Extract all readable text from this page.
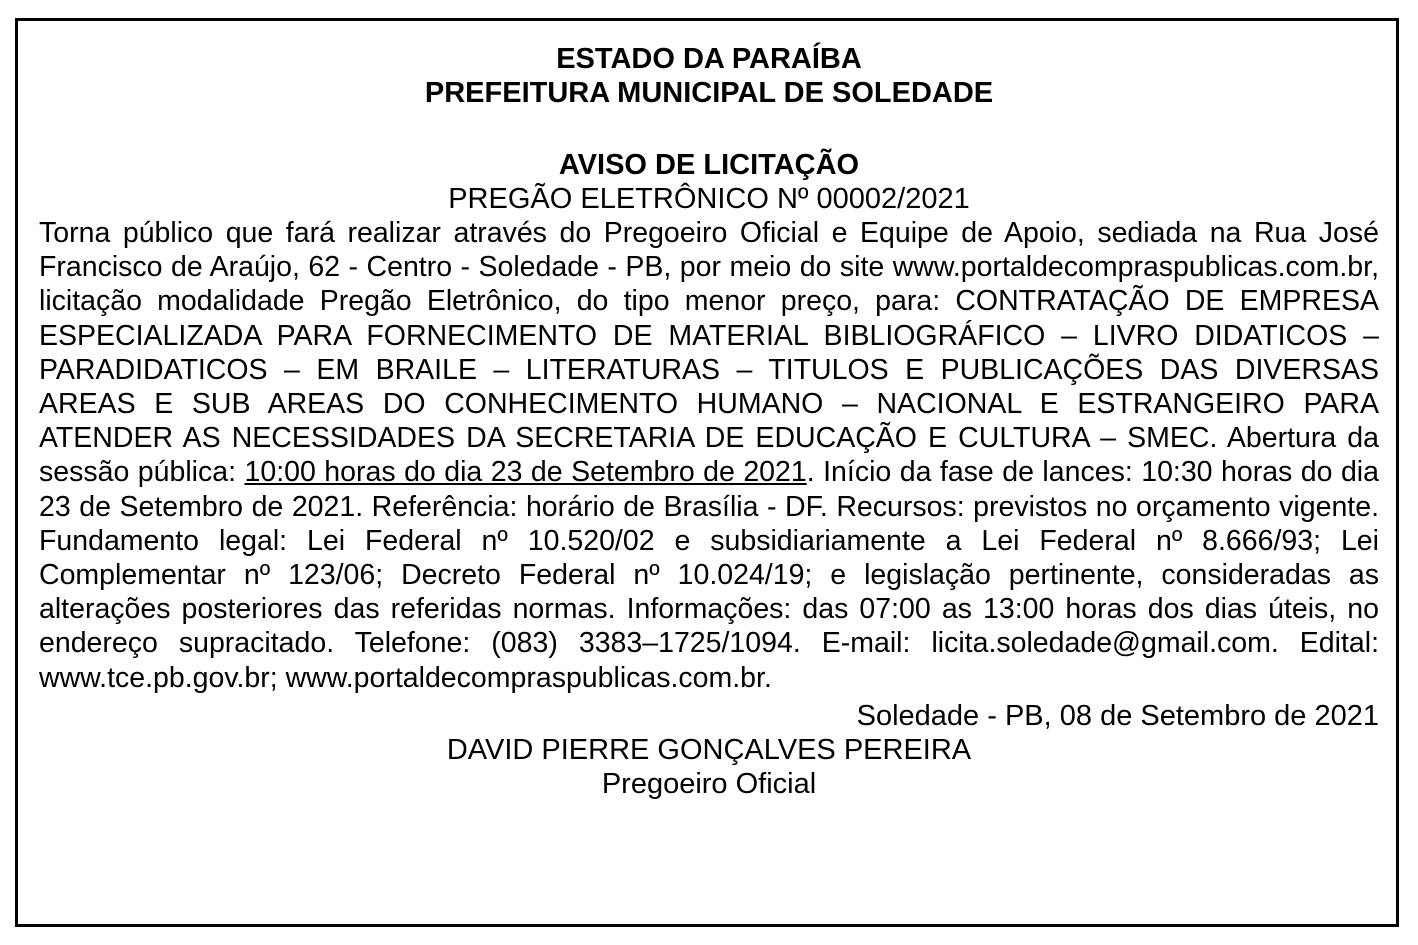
ESTADO DA PARAÍBA
PREFEITURA MUNICIPAL DE SOLEDADE
AVISO DE LICITAÇÃO
PREGÃO ELETRÔNICO Nº 00002/2021
Torna público que fará realizar através do Pregoeiro Oficial e Equipe de Apoio, sediada na Rua José Francisco de Araújo, 62 - Centro - Soledade - PB, por meio do site www.portaldecompraspublicas.com.br, licitação modalidade Pregão Eletrônico, do tipo menor preço, para: CONTRATAÇÃO DE EMPRESA ESPECIALIZADA PARA FORNECIMENTO DE MATERIAL BIBLIOGRÁFICO – LIVRO DIDATICOS – PARADIDATICOS – EM BRAILE – LITERATURAS – TITULOS E PUBLICAÇÕES DAS DIVERSAS AREAS E SUB AREAS DO CONHECIMENTO HUMANO – NACIONAL E ESTRANGEIRO PARA ATENDER AS NECESSIDADES DA SECRETARIA DE EDUCAÇÃO E CULTURA – SMEC. Abertura da sessão pública: 10:00 horas do dia 23 de Setembro de 2021. Início da fase de lances: 10:30 horas do dia 23 de Setembro de 2021. Referência: horário de Brasília - DF. Recursos: previstos no orçamento vigente. Fundamento legal: Lei Federal nº 10.520/02 e subsidiariamente a Lei Federal nº 8.666/93; Lei Complementar nº 123/06; Decreto Federal nº 10.024/19; e legislação pertinente, consideradas as alterações posteriores das referidas normas. Informações: das 07:00 as 13:00 horas dos dias úteis, no endereço supracitado. Telefone: (083) 3383–1725/1094. E-mail: licita.soledade@gmail.com. Edital: www.tce.pb.gov.br; www.portaldecompraspublicas.com.br.
Soledade - PB, 08 de Setembro de 2021
DAVID PIERRE GONÇALVES PEREIRA
Pregoeiro Oficial
